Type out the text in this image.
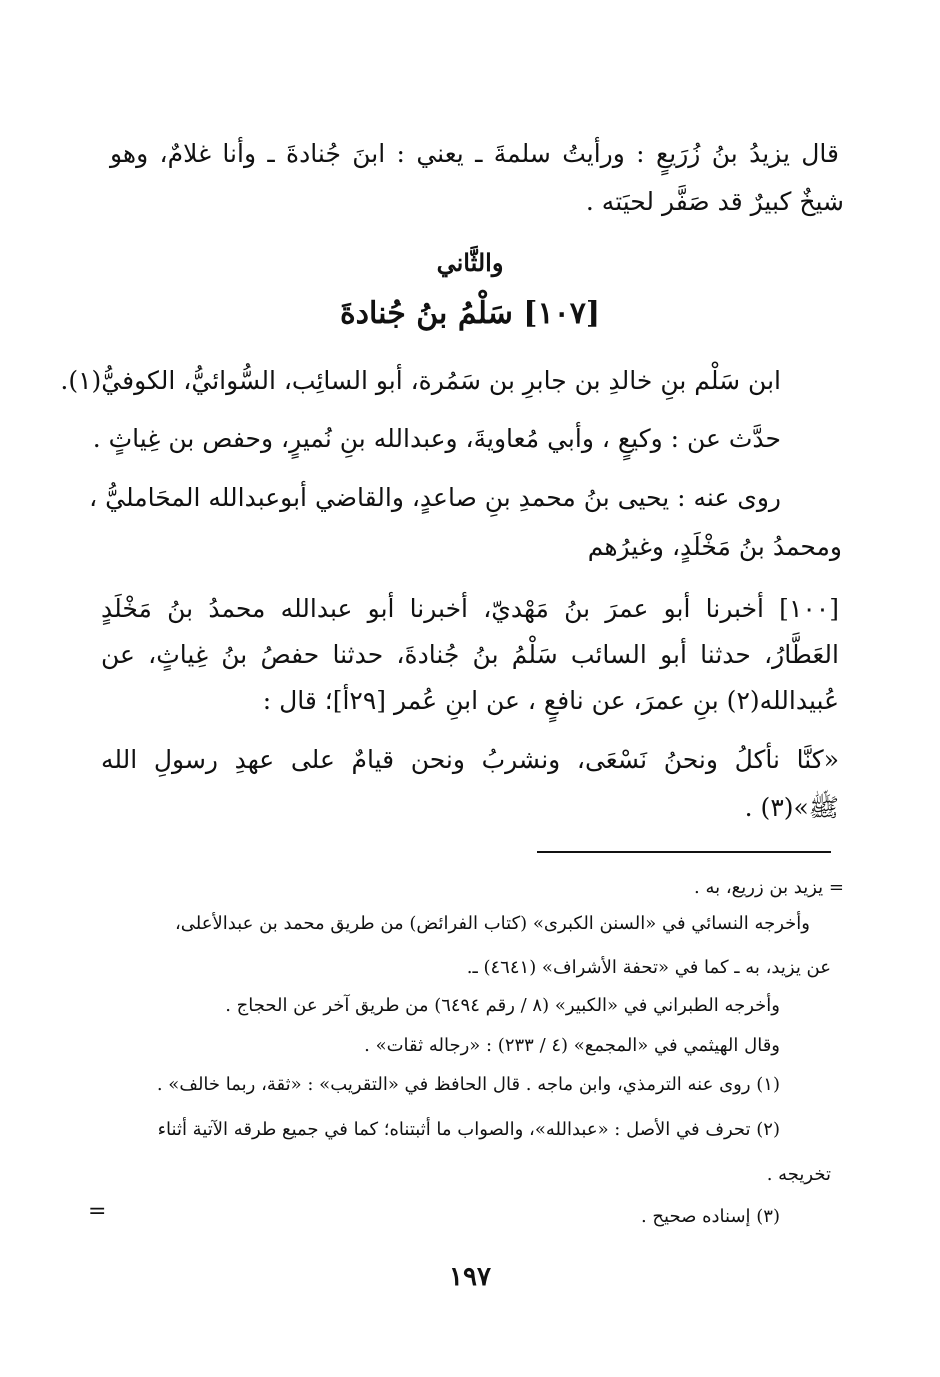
قال يزيدُ بنُ زُرَيعٍ : ورأيتُ سلمةَ ـ يعني : ابنَ جُنادةَ ـ وأنا غلامٌ، وهو
شيخٌ كبيرٌ قد صَفَّر لحيَته .
والثَّاني
[١٠٧] سَلْمُ بنُ جُنادةَ
ابن سَلْم بنِ خالدِ بن جابرِ بن سَمُرة، أبو السائِب، السُّوائيُّ، الكوفيُّ(١).
حدَّث عن : وكيعٍ ، وأبي مُعاويةَ، وعبدالله بنِ نُميرٍ، وحفص بن غِياثٍ .
روى عنه : يحيى بنُ محمدِ بنِ صاعدٍ، والقاضي أبوعبدالله المحَامليُّ ،
ومحمدُ بنُ مَخْلَدٍ، وغيرُهم
[١٠٠] أخبرنا أبو عمرَ بنُ مَهْديّ، أخبرنا أبو عبدالله محمدُ بنُ مَخْلَدٍ
العَطَّارُ، حدثنا أبو السائب سَلْمُ بنُ جُنادةَ، حدثنا حفصُ بنُ غِياثٍ، عن
عُبيدالله(٢) بنِ عمرَ، عن نافعٍ ، عن ابنِ عُمر [٢٩أ]؛ قال :
«كنَّا نأكلُ ونحنُ نَسْعَى، ونشربُ ونحن قيامٌ على عهدِ رسولِ الله
ﷺ»(٣) .
= يزيد بن زريع، به .
وأخرجه النسائي في «السنن الكبرى» (كتاب الفرائض) من طريق محمد بن عبدالأعلى،
عن يزيد، به ـ كما في «تحفة الأشراف» (٤٦٤١) ـ.
وأخرجه الطبراني في «الكبير» (٨ / رقم ٦٤٩٤) من طريق آخر عن الحجاج .
وقال الهيثمي في «المجمع» (٤ / ٢٣٣) : «رجاله ثقات» .
(١) روى عنه الترمذي، وابن ماجه . قال الحافظ في «التقريب» : «ثقة، ربما خالف» .
(٢) تحرف في الأصل : «عبدالله»، والصواب ما أثبتناه؛ كما في جميع طرقه الآتية أثناء
تخريجه .
(٣) إسناده صحيح .
=
١٩٧
